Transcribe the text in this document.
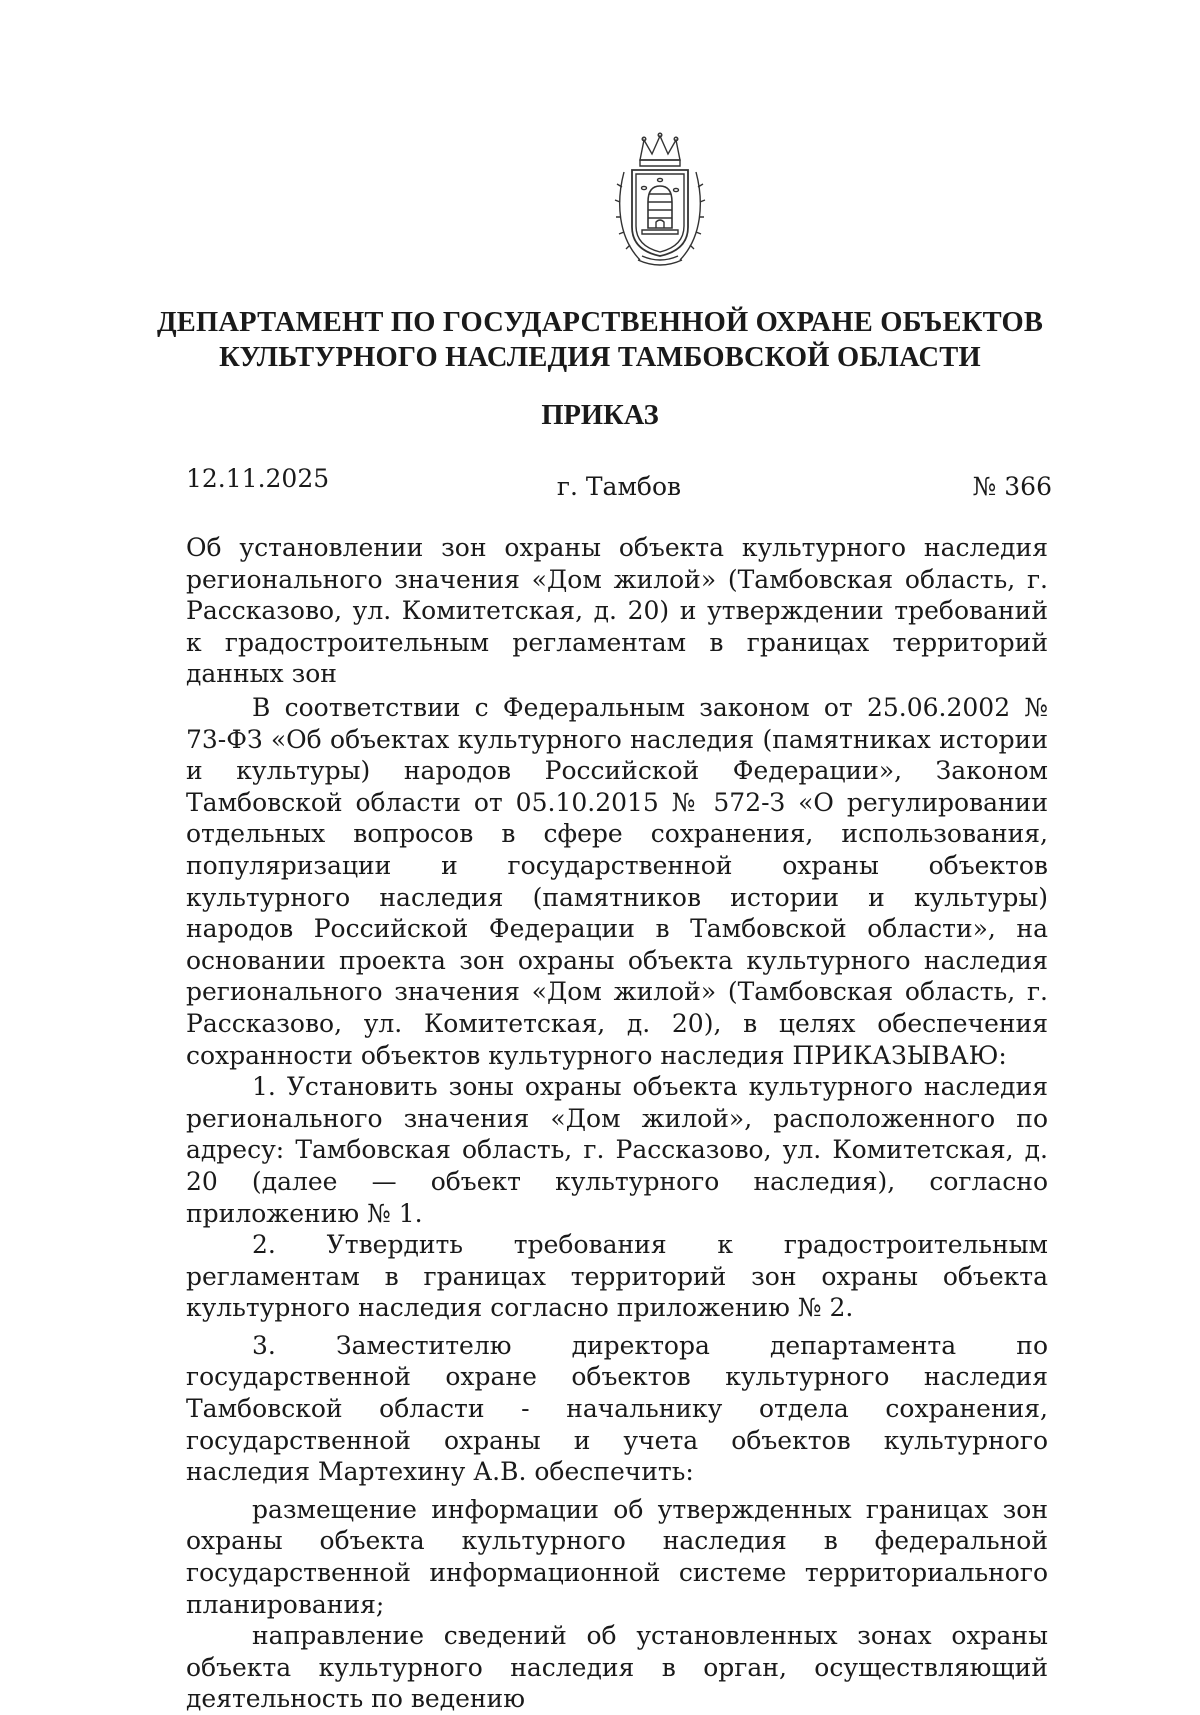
ДЕПАРТАМЕНТ ПО ГОСУДАРСТВЕННОЙ ОХРАНЕ ОБЪЕКТОВ
КУЛЬТУРНОГО НАСЛЕДИЯ ТАМБОВСКОЙ ОБЛАСТИ
ПРИКАЗ
12.11.2025	г. Тамбов	№ 366
Об установлении зон охраны объекта культурного наследия регионального значения «Дом жилой» (Тамбовская область, г. Рассказово, ул. Комитетская, д. 20) и утверждении требований к градостроительным регламентам в границах территорий данных зон

В соответствии с Федеральным законом от 25.06.2002 № 73-ФЗ «Об объектах культурного наследия (памятниках истории и культуры) народов Российской Федерации», Законом Тамбовской области от 05.10.2015 № 572-З «О регулировании отдельных вопросов в сфере сохранения, использования, популяризации и государственной охраны объектов культурного наследия (памятников истории и культуры) народов Российской Федерации в Тамбовской области», на основании проекта зон охраны объекта культурного наследия регионального значения «Дом жилой» (Тамбовская область, г. Рассказово, ул. Комитетская, д. 20), в целях обеспечения сохранности объектов культурного наследия ПРИКАЗЫВАЮ:

1. Установить зоны охраны объекта культурного наследия регионального значения «Дом жилой», расположенного по адресу: Тамбовская область, г. Рассказово, ул. Комитетская, д. 20 (далее — объект культурного наследия), согласно приложению № 1.

2. Утвердить требования к градостроительным регламентам в границах территорий зон охраны объекта культурного наследия согласно приложению № 2.

3. Заместителю директора департамента по государственной охране объектов культурного наследия Тамбовской области - начальнику отдела сохранения, государственной охраны и учета объектов культурного наследия Мартехину А.В. обеспечить:

размещение информации об утвержденных границах зон охраны объекта культурного наследия в федеральной государственной информационной системе территориального планирования;

направление сведений об установленных зонах охраны объекта культурного наследия в орган, осуществляющий деятельность по ведению
